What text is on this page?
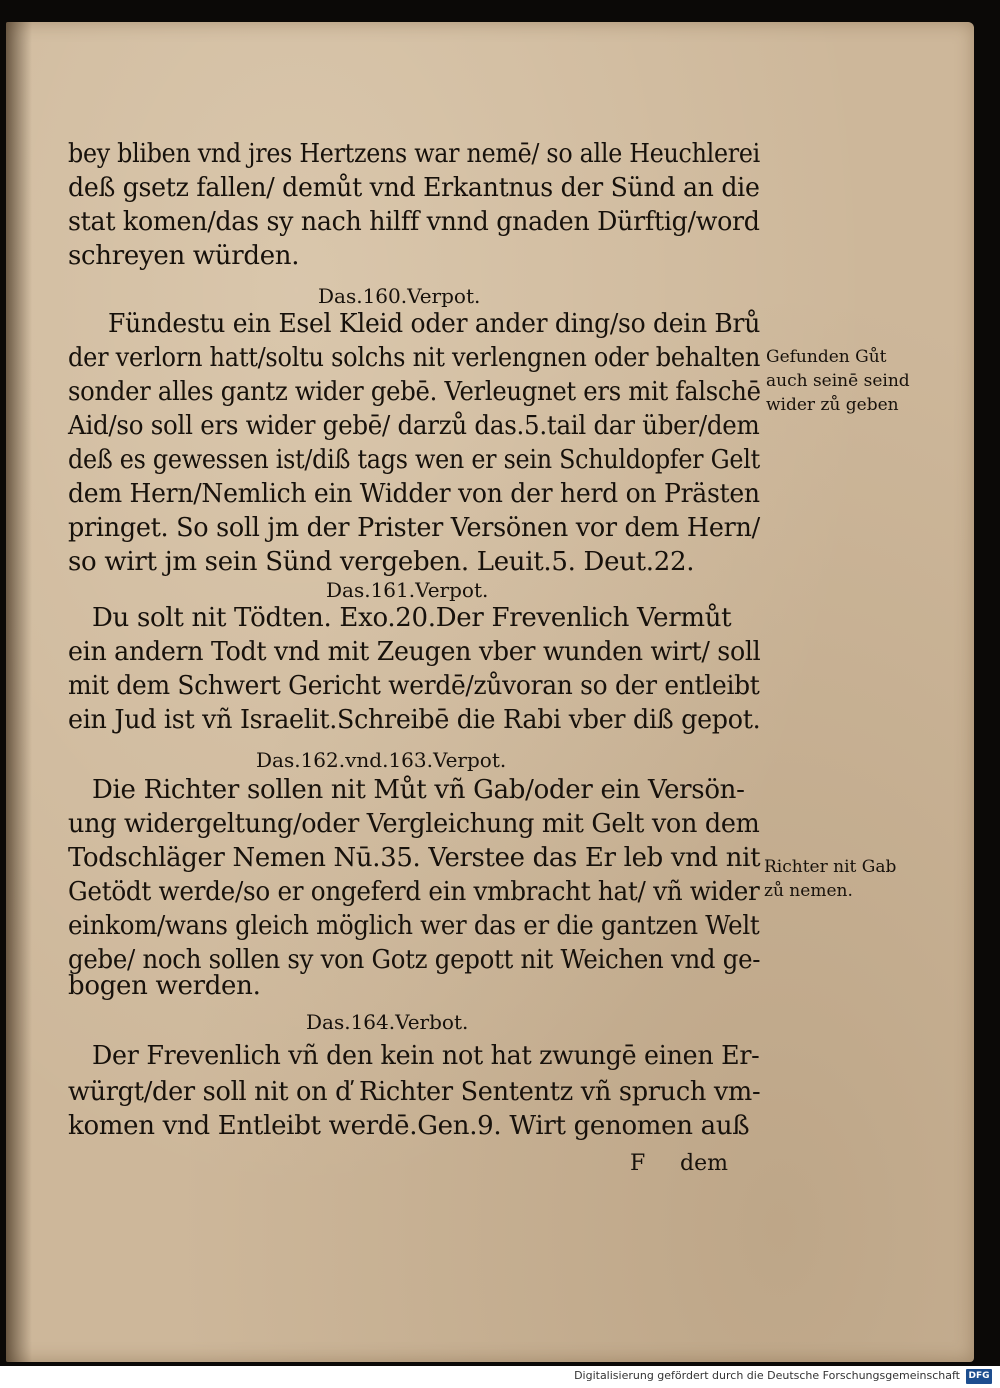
bey bliben vnd jres Hertzens war nemē/ so alle Heuchlerei
deß gsetz fallen/ demůt vnd Erkantnus der Sünd an die
stat komen/das sy nach hilff vnnd gnaden Dürftig/word
schreyen würden.
Das.160.Verpot.
Fündestu ein Esel Kleid oder ander ding/so dein Brů
der verlorn hatt/soltu solchs nit verlengnen oder behalten
sonder alles gantz wider gebē. Verleugnet ers mit falschē
Aid/so soll ers wider gebē/ darzů das.5.tail dar über/dem
deß es gewessen ist/diß tags wen er sein Schuldopfer Gelt
dem Hern/Nemlich ein Widder von der herd on Prästen
pringet. So soll jm der Prister Versönen vor dem Hern/
so wirt jm sein Sünd vergeben. Leuit.5. Deut.22.
Gefunden Gůt
auch seinē seind
wider zů geben
Das.161.Verpot.
Du solt nit Tödten. Exo.20.Der Frevenlich Vermůt
ein andern Todt vnd mit Zeugen vber wunden wirt/ soll
mit dem Schwert Gericht werdē/zůvoran so der entleibt
ein Jud ist vñ Israelit.Schreibē die Rabi vber diß gepot.
Das.162.vnd.163.Verpot.
Die Richter sollen nit Můt vñ Gab/oder ein Versön-
ung widergeltung/oder Vergleichung mit Gelt von dem
Todschläger Nemen Nū.35. Verstee das Er leb vnd nit
Getödt werde/so er ongeferd ein vmbracht hat/ vñ wider
einkom/wans gleich möglich wer das er die gantzen Welt
gebe/ noch sollen sy von Gotz gepott nit Weichen vnd ge-
bogen werden.
Richter nit Gab
zů nemen.
Das.164.Verbot.
Der Frevenlich vñ den kein not hat zwungē einen Er-
würgt/der soll nit on ď Richter Sententz vñ spruch vm-
komen vnd Entleibt werdē.Gen.9. Wirt genomen auß
F dem
Digitalisierung gefördert durch die Deutsche Forschungsgemeinschaft DFG
